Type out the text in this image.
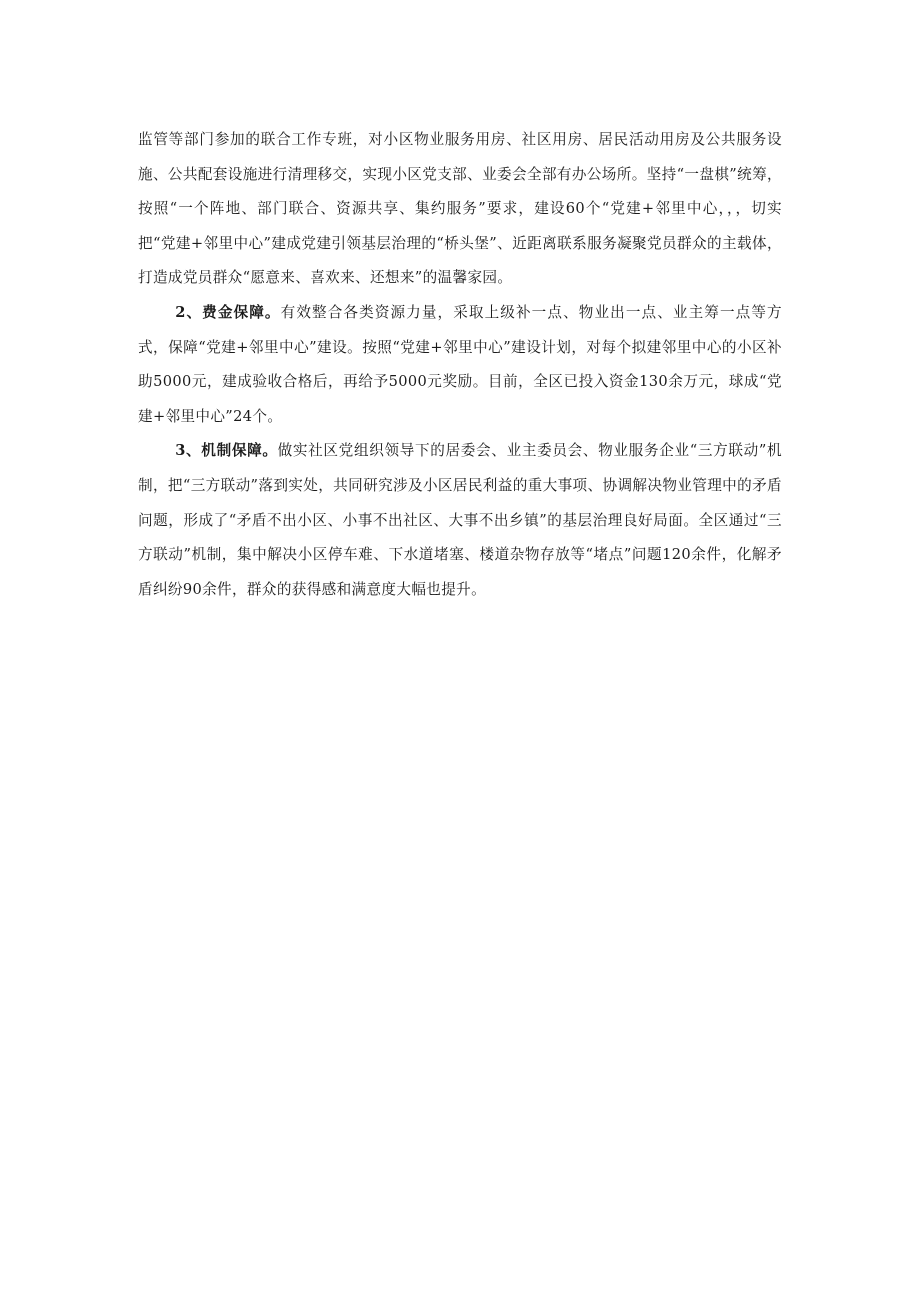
监管等部门参加的联合工作专班，对小区物业服务用房、社区用房、居民活动用房及公共服务设施、公共配套设施进行清理移交，实现小区党支部、业委会全部有办公场所。坚持“一盘棋”统筹，按照“一个阵地、部门联合、资源共享、集约服务”要求，建设60个“党建+邻里中心，，，切实把“党建+邻里中心”建成党建引领基层治理的“桥头堡”、近距离联系服务凝聚党员群众的主载体，打造成党员群众“愿意来、喜欢来、还想来”的温馨家园。

2、费金保障。有效整合各类资源力量，采取上级补一点、物业出一点、业主筹一点等方式，保障“党建+邻里中心”建设。按照“党建+邻里中心”建设计划，对每个拟建邻里中心的小区补助5000元，建成验收合格后，再给予5000元奖励。目前，全区已投入资金130余万元，球成“党建+邻里中心”24个。

3、机制保障。做实社区党组织领导下的居委会、业主委员会、物业服务企业“三方联动”机制，把“三方联动”落到实处，共同研究涉及小区居民利益的重大事项、协调解决物业管理中的矛盾问题，形成了“矛盾不出小区、小事不出社区、大事不出乡镇”的基层治理良好局面。全区通过“三方联动”机制，集中解决小区停车难、下水道堵塞、楼道杂物存放等“堵点”问题120余件，化解矛盾纠纷90余件，群众的获得感和满意度大幅也提升。
